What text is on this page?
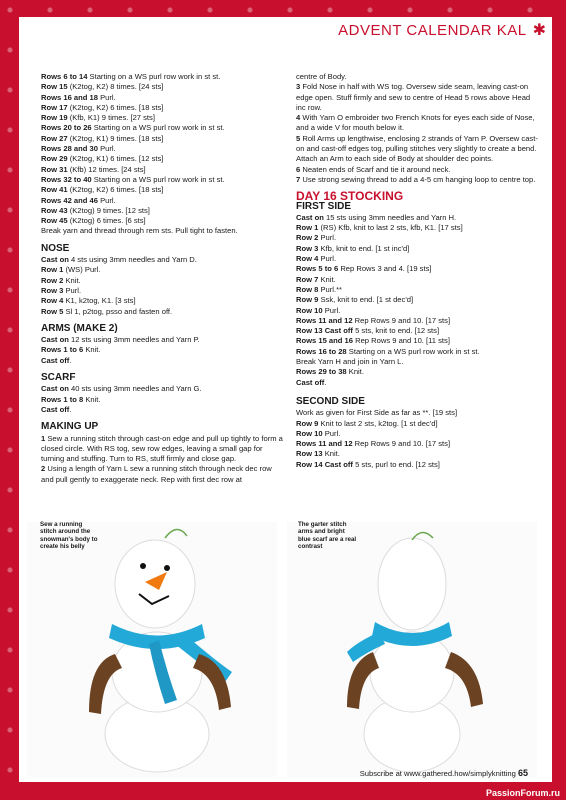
ADVENT CALENDAR KAL ✱
Rows 6 to 14 Starting on a WS purl row work in st st.
Row 15 (K2tog, K2) 8 times. [24 sts]
Rows 16 and 18 Purl.
Row 17 (K2tog, K2) 6 times. [18 sts]
Row 19 (Kfb, K1) 9 times. [27 sts]
Rows 20 to 26 Starting on a WS purl row work in st st.
Row 27 (K2tog, K1) 9 times. [18 sts]
Rows 28 and 30 Purl.
Row 29 (K2tog, K1) 6 times. [12 sts]
Row 31 (Kfb) 12 times. [24 sts]
Rows 32 to 40 Starting on a WS purl row work in st st.
Row 41 (K2tog, K2) 6 times. [18 sts]
Rows 42 and 46 Purl.
Row 43 (K2tog) 9 times. [12 sts]
Row 45 (K2tog) 6 times. [6 sts]
Break yarn and thread through rem sts. Pull tight to fasten.
NOSE
Cast on 4 sts using 3mm needles and Yarn D.
Row 1 (WS) Purl.
Row 2 Knit.
Row 3 Purl.
Row 4 K1, k2tog, K1. [3 sts]
Row 5 Sl 1, p2tog, psso and fasten off.
ARMS (MAKE 2)
Cast on 12 sts using 3mm needles and Yarn P.
Rows 1 to 6 Knit.
Cast off.
SCARF
Cast on 40 sts using 3mm needles and Yarn G.
Rows 1 to 8 Knit.
Cast off.
MAKING UP
1 Sew a running stitch through cast-on edge and pull up tightly to form a closed circle. With RS tog, sew row edges, leaving a small gap for turning and stuffing. Turn to RS, stuff firmly and close gap.
2 Using a length of Yarn L sew a running stitch through neck dec row and pull gently to exaggerate neck. Rep with first dec row at
centre of Body.
3 Fold Nose in half with WS tog. Oversew side seam, leaving cast-on edge open. Stuff firmly and sew to centre of Head 5 rows above Head inc row.
4 With Yarn O embroider two French Knots for eyes each side of Nose, and a wide V for mouth below it.
5 Roll Arms up lengthwise, enclosing 2 strands of Yarn P. Oversew cast-on and cast-off edges tog, pulling stitches very slightly to create a bend. Attach an Arm to each side of Body at shoulder dec points.
6 Neaten ends of Scarf and tie it around neck.
7 Use strong sewing thread to add a 4-5 cm hanging loop to centre top.
DAY 16 STOCKING
FIRST SIDE
Cast on 15 sts using 3mm needles and Yarn H.
Row 1 (RS) Kfb, knit to last 2 sts, kfb, K1. [17 sts]
Row 2 Purl.
Row 3 Kfb, knit to end. [1 st inc'd]
Row 4 Purl.
Rows 5 to 6 Rep Rows 3 and 4. [19 sts]
Row 7 Knit.
Row 8 Purl.**
Row 9 Ssk, knit to end. [1 st dec'd]
Row 10 Purl.
Rows 11 and 12 Rep Rows 9 and 10. [17 sts]
Row 13 Cast off 5 sts, knit to end. [12 sts]
Rows 15 and 16 Rep Rows 9 and 10. [11 sts]
Rows 16 to 28 Starting on a WS purl row work in st st.
Break Yarn H and join in Yarn L.
Rows 29 to 38 Knit.
Cast off.
SECOND SIDE
Work as given for First Side as far as **. [19 sts]
Row 9 Knit to last 2 sts, k2tog. [1 st dec'd]
Row 10 Purl.
Rows 11 and 12 Rep Rows 9 and 10. [17 sts]
Row 13 Knit.
Row 14 Cast off 5 sts, purl to end. [12 sts]
Sew a running stitch around the snowman's body to create his belly
The garter stitch arms and bright blue scarf are a real contrast
Subscribe at www.gathered.how/simplyknitting 65
PassionForum.ru
